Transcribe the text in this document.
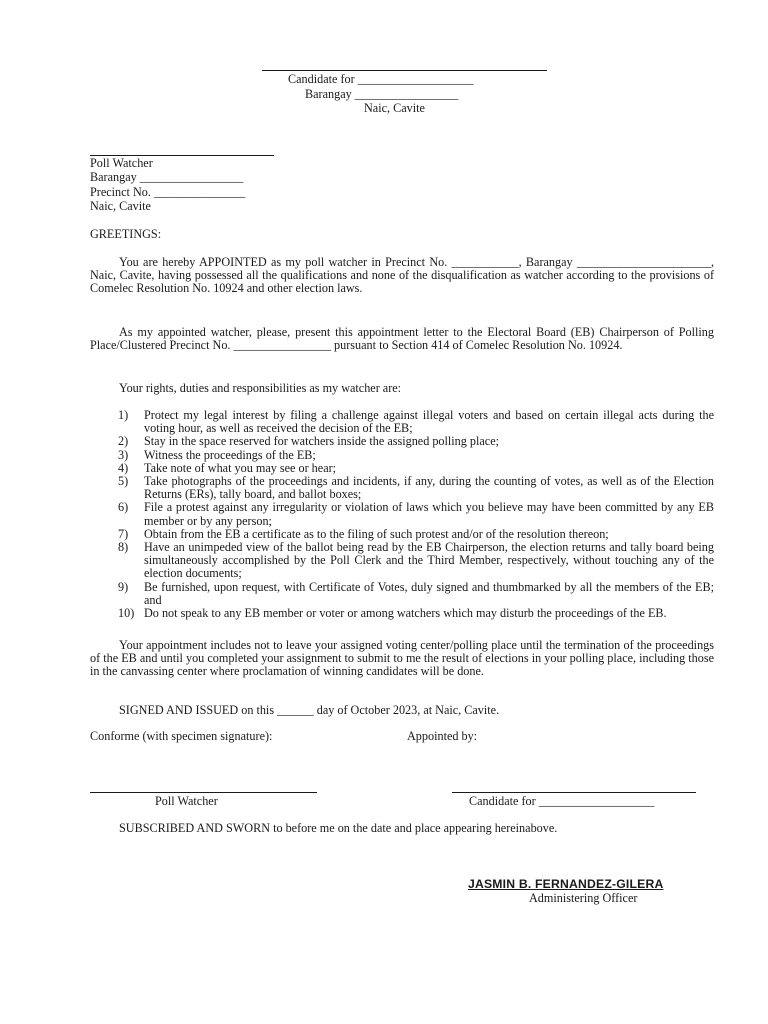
Candidate for ___________________
Barangay _________________
Naic, Cavite
Poll Watcher
Barangay _________________
Precinct No. _______________
Naic, Cavite
GREETINGS:
You are hereby APPOINTED as my poll watcher in Precinct No. ___________, Barangay ______________________, Naic, Cavite, having possessed all the qualifications and none of the disqualification as watcher according to the provisions of Comelec Resolution No. 10924 and other election laws.
As my appointed watcher, please, present this appointment letter to the Electoral Board (EB) Chairperson of Polling Place/Clustered Precinct No. ________________ pursuant to Section 414 of Comelec Resolution No. 10924.
Your rights, duties and responsibilities as my watcher are:
1) Protect my legal interest by filing a challenge against illegal voters and based on certain illegal acts during the voting hour, as well as received the decision of the EB;
2) Stay in the space reserved for watchers inside the assigned polling place;
3) Witness the proceedings of the EB;
4) Take note of what you may see or hear;
5) Take photographs of the proceedings and incidents, if any, during the counting of votes, as well as of the Election Returns (ERs), tally board, and ballot boxes;
6) File a protest against any irregularity or violation of laws which you believe may have been committed by any EB member or by any person;
7) Obtain from the EB a certificate as to the filing of such protest and/or of the resolution thereon;
8) Have an unimpeded view of the ballot being read by the EB Chairperson, the election returns and tally board being simultaneously accomplished by the Poll Clerk and the Third Member, respectively, without touching any of the election documents;
9) Be furnished, upon request, with Certificate of Votes, duly signed and thumbmarked by all the members of the EB; and
10) Do not speak to any EB member or voter or among watchers which may disturb the proceedings of the EB.
Your appointment includes not to leave your assigned voting center/polling place until the termination of the proceedings of the EB and until you completed your assignment to submit to me the result of elections in your polling place, including those in the canvassing center where proclamation of winning candidates will be done.
SIGNED AND ISSUED on this ______ day of October 2023, at Naic, Cavite.
Conforme (with specimen signature):	Appointed by:
Poll Watcher	Candidate for ___________________
SUBSCRIBED AND SWORN to before me on the date and place appearing hereinabove.
JASMIN B. FERNANDEZ-GILERA
Administering Officer
